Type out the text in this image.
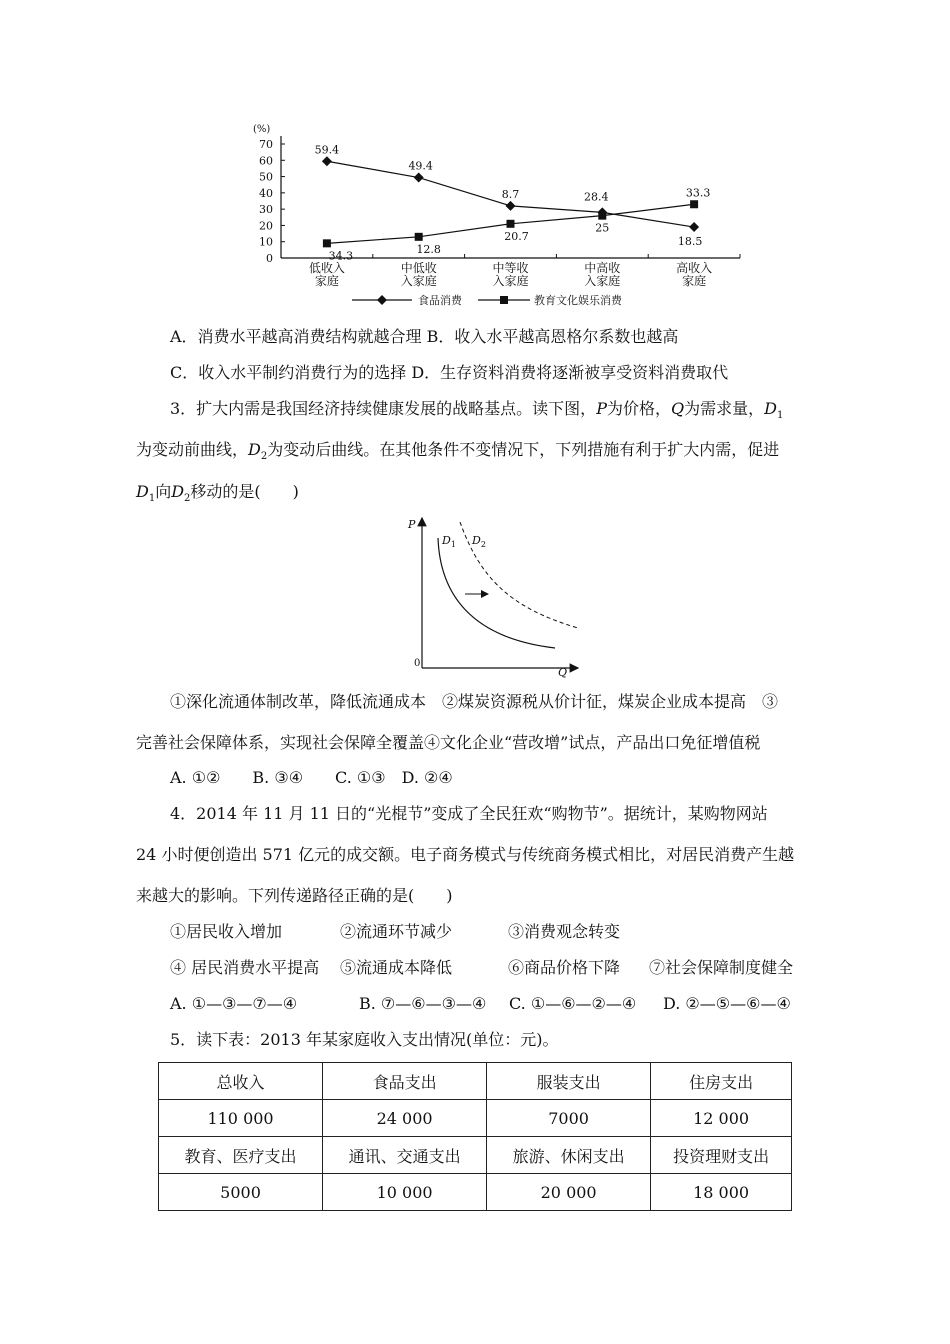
(%)
70
60
50
40
30
20
10
0
低收入
家庭
中低收
入家庭
中等收
入家庭
中高收
入家庭
高收入
家庭
59.4
49.4
8.7	28.4
18.5
34.3
12.8
20.7
25
33.3
食品消费	教育文化娱乐消费
A．消费水平越高消费结构就越合理 B．收入水平越高恩格尔系数也越高
C．收入水平制约消费行为的选择 D．生存资料消费将逐渐被享受资料消费取代
3．扩大内需是我国经济持续健康发展的战略基点。读下图，P为价格，Q为需求量，$D_1$
为变动前曲线，$D_2$为变动后曲线。在其他条件不变情况下，下列措施有利于扩大内需，促进
$D_1$向$D_2$移动的是(　　)
P
0
Q
$D_1$ $D_2$
①深化流通体制改革，降低流通成本　②煤炭资源税从价计征，煤炭企业成本提高　③
完善社会保障体系，实现社会保障全覆盖④文化企业“营改增”试点，产品出口免征增值税
A. ①②　　B. ③④　　C. ①③　D. ②④
4．2014 年 11 月 11 日的“光棍节”变成了全民狂欢“购物节”。据统计，某购物网站
24 小时便创造出 571 亿元的成交额。电子商务模式与传统商务模式相比，对居民消费产生越
来越大的影响。下列传递路径正确的是(　　)
①居民收入增加	②流通环节减少	③消费观念转变
④ 居民消费水平提高 ⑤流通成本降低	⑥商品价格下降 ⑦社会保障制度健全
A. ①—③—⑦—④	B. ⑦—⑥—③—④ C. ①—⑥—②—④ D. ②—⑤—⑥—④
5．读下表：2013 年某家庭收入支出情况(单位：元)。
总收入	食品支出	服装支出	住房支出
110 000	24 000	7000	12 000
教育、医疗支出	通讯、交通支出	旅游、休闲支出	投资理财支出
5000	10 000	20 000	18 000
